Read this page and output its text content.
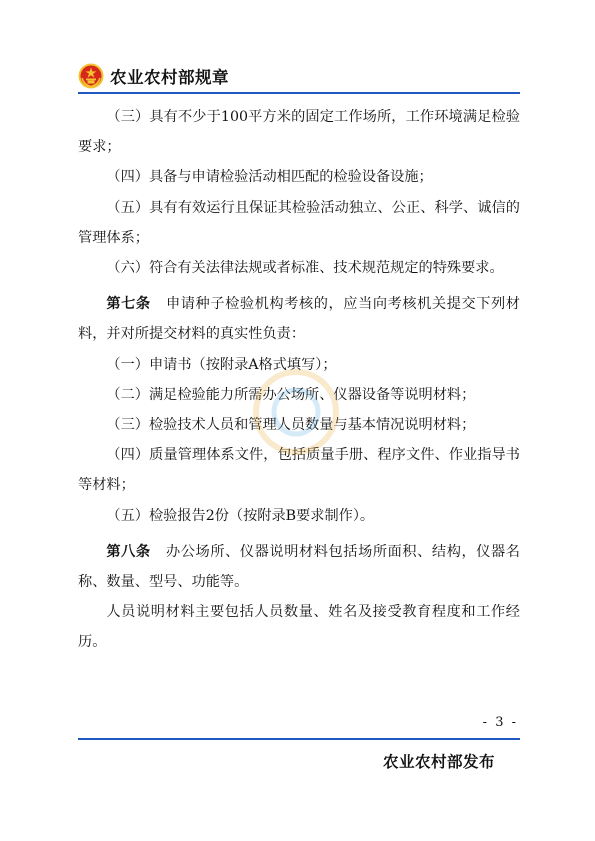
农业农村部规章

（三）具有不少于100平方米的固定工作场所，工作环境满足检验要求；

（四）具备与申请检验活动相匹配的检验设备设施；

（五）具有有效运行且保证其检验活动独立、公正、科学、诚信的管理体系；

（六）符合有关法律法规或者标准、技术规范规定的特殊要求。

第七条 申请种子检验机构考核的，应当向考核机关提交下列材料，并对所提交材料的真实性负责：

（一）申请书（按附录A格式填写）；

（二）满足检验能力所需办公场所、仪器设备等说明材料；

（三）检验技术人员和管理人员数量与基本情况说明材料；

（四）质量管理体系文件，包括质量手册、程序文件、作业指导书等材料；

（五）检验报告2份（按附录B要求制作）。

第八条 办公场所、仪器说明材料包括场所面积、结构，仪器名称、数量、型号、功能等。

人员说明材料主要包括人员数量、姓名及接受教育程度和工作经历。

- 3 -
农业农村部发布
